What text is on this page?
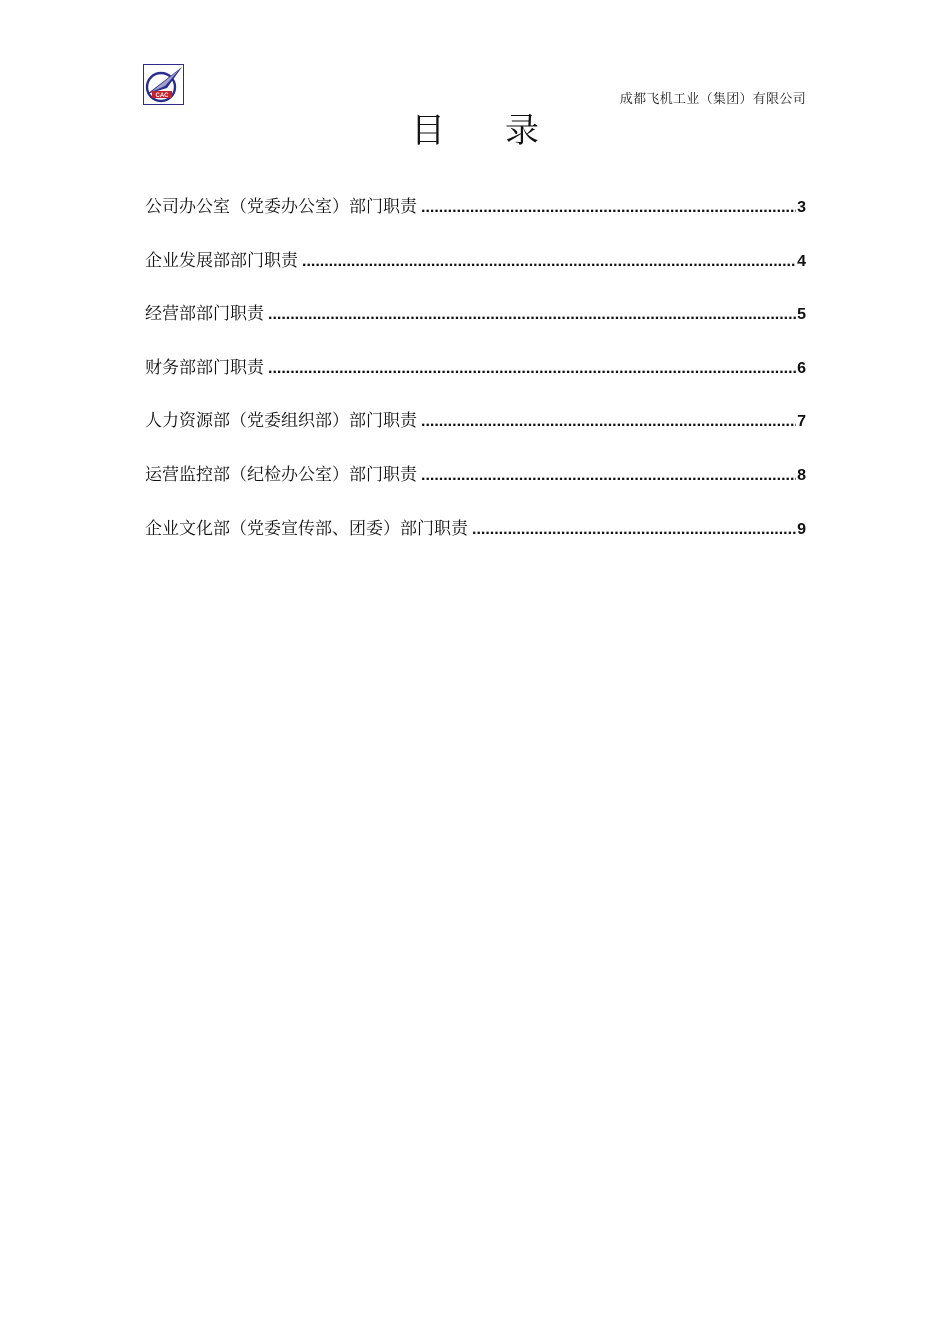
CAC	成都飞机工业（集团）有限公司
目录
公司办公室（党委办公室）部门职责 .....	3
企业发展部部门职责 .....	4
经营部部门职责 .....	5
财务部部门职责 .....	6
人力资源部（党委组织部）部门职责 .....	7
运营监控部（纪检办公室）部门职责 .....	8
企业文化部（党委宣传部、团委）部门职责 .....	9
